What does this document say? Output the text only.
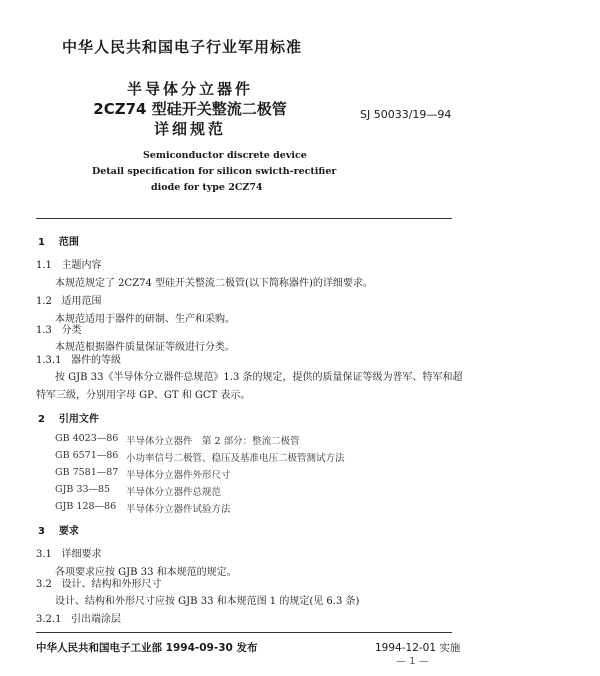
中华人民共和国电子行业军用标准
半导体分立器件
2CZ74 型硅开关整流二极管
详细规范
SJ 50033/19—94
Semiconductor discrete device
Detail specification for silicon swicth-rectifier
diode for type 2CZ74
1 范围
1.1 主题内容
本规范规定了 2CZ74 型硅开关整流二极管(以下简称器件)的详细要求。
1.2 适用范围
本规范适用于器件的研制、生产和采购。
1.3 分类
本规范根据器件质量保证等级进行分类。
1.3.1 器件的等级
按 GJB 33《半导体分立器件总规范》1.3 条的规定，提供的质量保证等级为普军、特军和超
特军三级，分别用字母 GP、GT 和 GCT 表示。
2 引用文件
GB 4023—86 半导体分立器件　第 2 部分：整流二极管
GB 6571—86 小功率信号二极管、稳压及基准电压二极管测试方法
GB 7581—87 半导体分立器件外形尺寸
GJB 33—85 半导体分立器件总规范
GJB 128—86 半导体分立器件试验方法
3 要求
3.1 详细要求
各项要求应按 GJB 33 和本规范的规定。
3.2 设计、结构和外形尺寸
设计、结构和外形尺寸应按 GJB 33 和本规范图 1 的规定(见 6.3 条)
3.2.1 引出端涂层
中华人民共和国电子工业部 1994-09-30 发布	1994-12-01 实施
— 1 —
